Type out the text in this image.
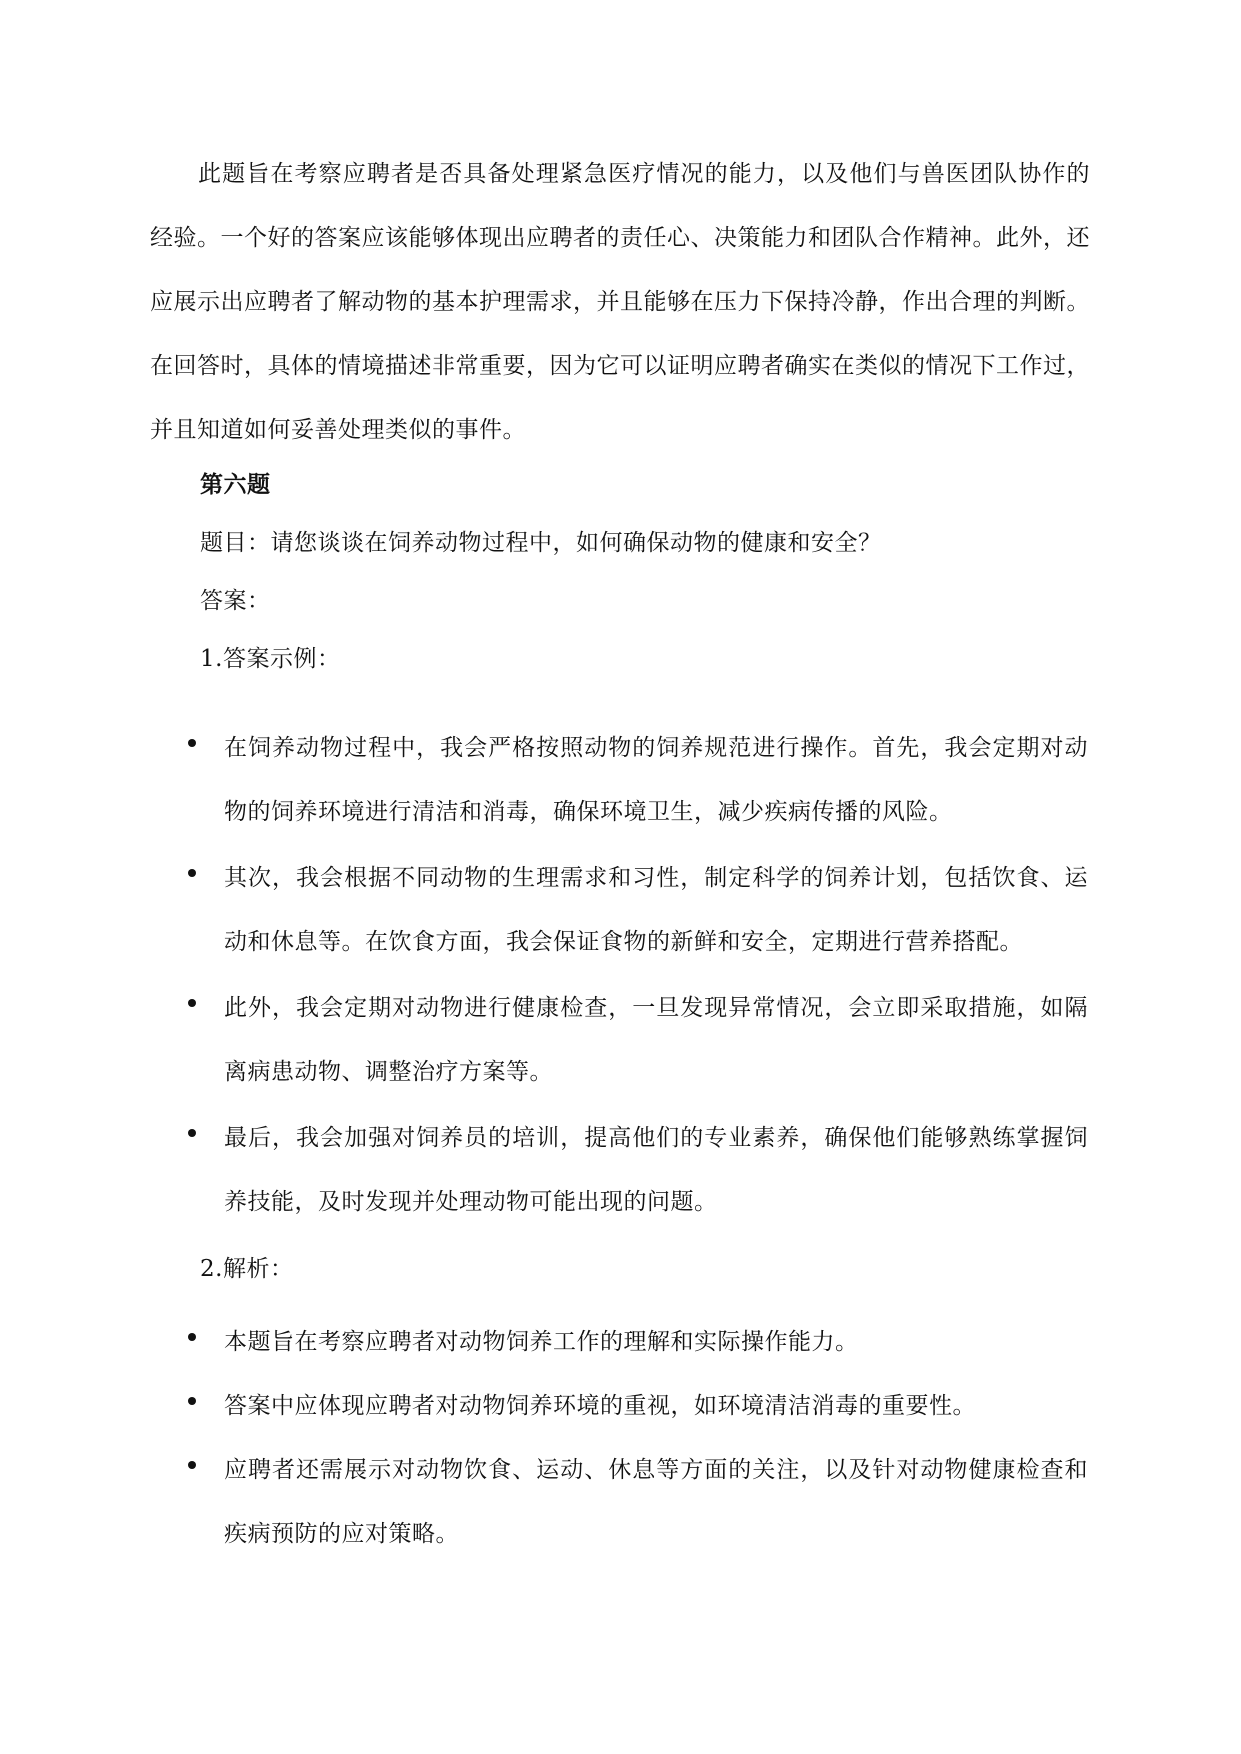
此题旨在考察应聘者是否具备处理紧急医疗情况的能力，以及他们与兽医团队协作的经验。一个好的答案应该能够体现出应聘者的责任心、决策能力和团队合作精神。此外，还应展示出应聘者了解动物的基本护理需求，并且能够在压力下保持冷静，作出合理的判断。在回答时，具体的情境描述非常重要，因为它可以证明应聘者确实在类似的情况下工作过，并且知道如何妥善处理类似的事件。

第六题

题目：请您谈谈在饲养动物过程中，如何确保动物的健康和安全？

答案：

1.答案示例：

在饲养动物过程中，我会严格按照动物的饲养规范进行操作。首先，我会定期对动物的饲养环境进行清洁和消毒，确保环境卫生，减少疾病传播的风险。

其次，我会根据不同动物的生理需求和习性，制定科学的饲养计划，包括饮食、运动和休息等。在饮食方面，我会保证食物的新鲜和安全，定期进行营养搭配。

此外，我会定期对动物进行健康检查，一旦发现异常情况，会立即采取措施，如隔离病患动物、调整治疗方案等。

最后，我会加强对饲养员的培训，提高他们的专业素养，确保他们能够熟练掌握饲养技能，及时发现并处理动物可能出现的问题。

2.解析：

本题旨在考察应聘者对动物饲养工作的理解和实际操作能力。

答案中应体现应聘者对动物饲养环境的重视，如环境清洁消毒的重要性。

应聘者还需展示对动物饮食、运动、休息等方面的关注，以及针对动物健康检查和疾病预防的应对策略。
